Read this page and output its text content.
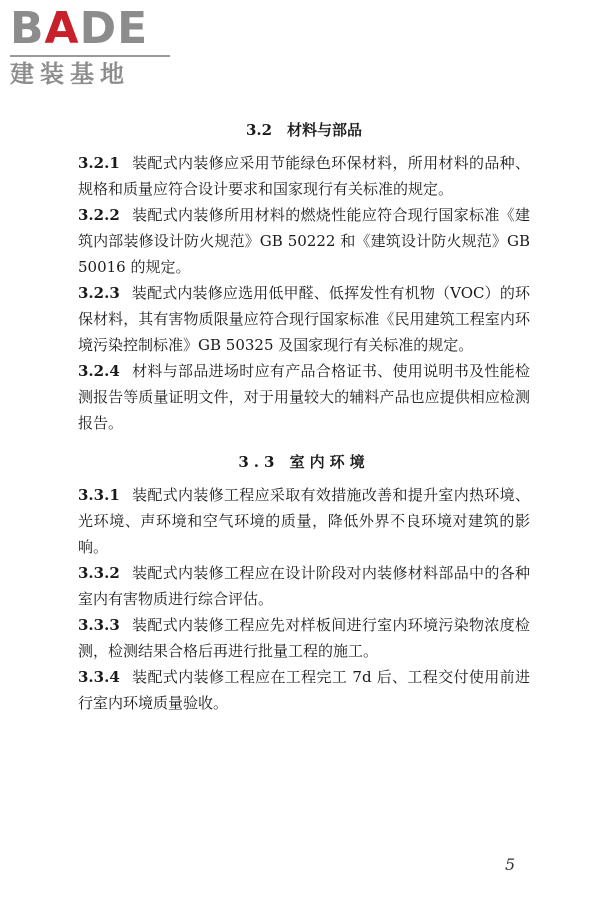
BADE
建装基地
3.2　材料与部品

3.2.1 装配式内装修应采用节能绿色环保材料，所用材料的品种、规格和质量应符合设计要求和国家现行有关标准的规定。

3.2.2 装配式内装修所用材料的燃烧性能应符合现行国家标准《建筑内部装修设计防火规范》GB 50222 和《建筑设计防火规范》GB 50016 的规定。

3.2.3 装配式内装修应选用低甲醛、低挥发性有机物（VOC）的环保材料，其有害物质限量应符合现行国家标准《民用建筑工程室内环境污染控制标准》GB 50325 及国家现行有关标准的规定。

3.2.4 材料与部品进场时应有产品合格证书、使用说明书及性能检测报告等质量证明文件，对于用量较大的辅料产品也应提供相应检测报告。

3.3 室内环境

3.3.1 装配式内装修工程应采取有效措施改善和提升室内热环境、光环境、声环境和空气环境的质量，降低外界不良环境对建筑的影响。

3.3.2 装配式内装修工程应在设计阶段对内装修材料部品中的各种室内有害物质进行综合评估。

3.3.3 装配式内装修工程应先对样板间进行室内环境污染物浓度检测，检测结果合格后再进行批量工程的施工。

3.3.4 装配式内装修工程应在工程完工 7d 后、工程交付使用前进行室内环境质量验收。

5
